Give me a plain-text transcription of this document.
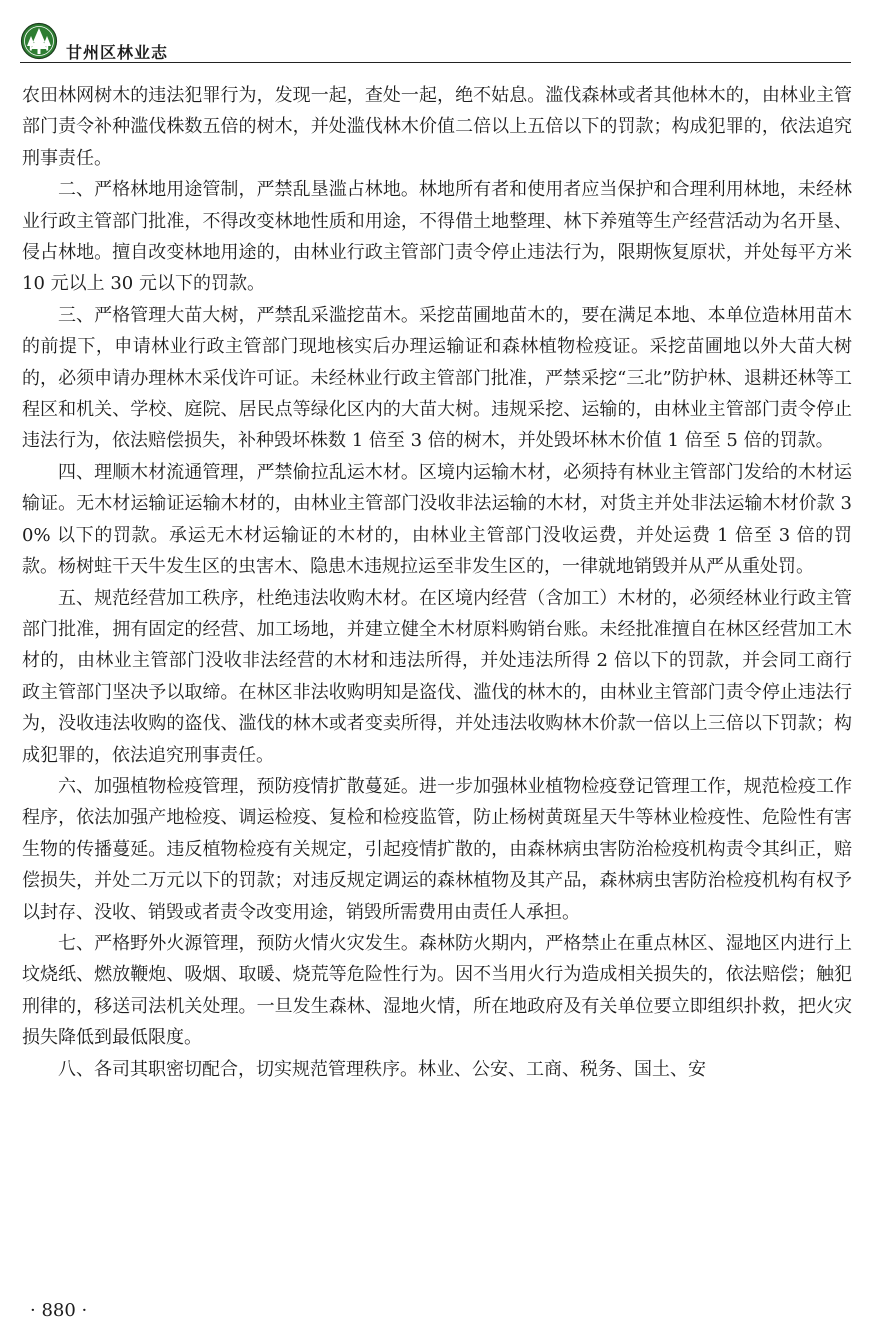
甘州区林业志

农田林网树木的违法犯罪行为，发现一起，查处一起，绝不姑息。滥伐森林或者其他林木的，由林业主管部门责令补种滥伐株数五倍的树木，并处滥伐林木价值二倍以上五倍以下的罚款；构成犯罪的，依法追究刑事责任。

二、严格林地用途管制，严禁乱垦滥占林地。林地所有者和使用者应当保护和合理利用林地，未经林业行政主管部门批准，不得改变林地性质和用途，不得借土地整理、林下养殖等生产经营活动为名开垦、侵占林地。擅自改变林地用途的，由林业行政主管部门责令停止违法行为，限期恢复原状，并处每平方米 10 元以上 30 元以下的罚款。

三、严格管理大苗大树，严禁乱采滥挖苗木。采挖苗圃地苗木的，要在满足本地、本单位造林用苗木的前提下，申请林业行政主管部门现地核实后办理运输证和森林植物检疫证。采挖苗圃地以外大苗大树的，必须申请办理林木采伐许可证。未经林业行政主管部门批准，严禁采挖“三北”防护林、退耕还林等工程区和机关、学校、庭院、居民点等绿化区内的大苗大树。违规采挖、运输的，由林业主管部门责令停止违法行为，依法赔偿损失，补种毁坏株数 1 倍至 3 倍的树木，并处毁坏林木价值 1 倍至 5 倍的罚款。

四、理顺木材流通管理，严禁偷拉乱运木材。区境内运输木材，必须持有林业主管部门发给的木材运输证。无木材运输证运输木材的，由林业主管部门没收非法运输的木材，对货主并处非法运输木材价款 30% 以下的罚款。承运无木材运输证的木材的，由林业主管部门没收运费，并处运费 1 倍至 3 倍的罚款。杨树蛀干天牛发生区的虫害木、隐患木违规拉运至非发生区的，一律就地销毁并从严从重处罚。

五、规范经营加工秩序，杜绝违法收购木材。在区境内经营（含加工）木材的，必须经林业行政主管部门批准，拥有固定的经营、加工场地，并建立健全木材原料购销台账。未经批准擅自在林区经营加工木材的，由林业主管部门没收非法经营的木材和违法所得，并处违法所得 2 倍以下的罚款，并会同工商行政主管部门坚决予以取缔。在林区非法收购明知是盗伐、滥伐的林木的，由林业主管部门责令停止违法行为，没收违法收购的盗伐、滥伐的林木或者变卖所得，并处违法收购林木价款一倍以上三倍以下罚款；构成犯罪的，依法追究刑事责任。

六、加强植物检疫管理，预防疫情扩散蔓延。进一步加强林业植物检疫登记管理工作，规范检疫工作程序，依法加强产地检疫、调运检疫、复检和检疫监管，防止杨树黄斑星天牛等林业检疫性、危险性有害生物的传播蔓延。违反植物检疫有关规定，引起疫情扩散的，由森林病虫害防治检疫机构责令其纠正，赔偿损失，并处二万元以下的罚款；对违反规定调运的森林植物及其产品，森林病虫害防治检疫机构有权予以封存、没收、销毁或者责令改变用途，销毁所需费用由责任人承担。

七、严格野外火源管理，预防火情火灾发生。森林防火期内，严格禁止在重点林区、湿地区内进行上坟烧纸、燃放鞭炮、吸烟、取暖、烧荒等危险性行为。因不当用火行为造成相关损失的，依法赔偿；触犯刑律的，移送司法机关处理。一旦发生森林、湿地火情，所在地政府及有关单位要立即组织扑救，把火灾损失降低到最低限度。

八、各司其职密切配合，切实规范管理秩序。林业、公安、工商、税务、国土、安

· 880 ·
